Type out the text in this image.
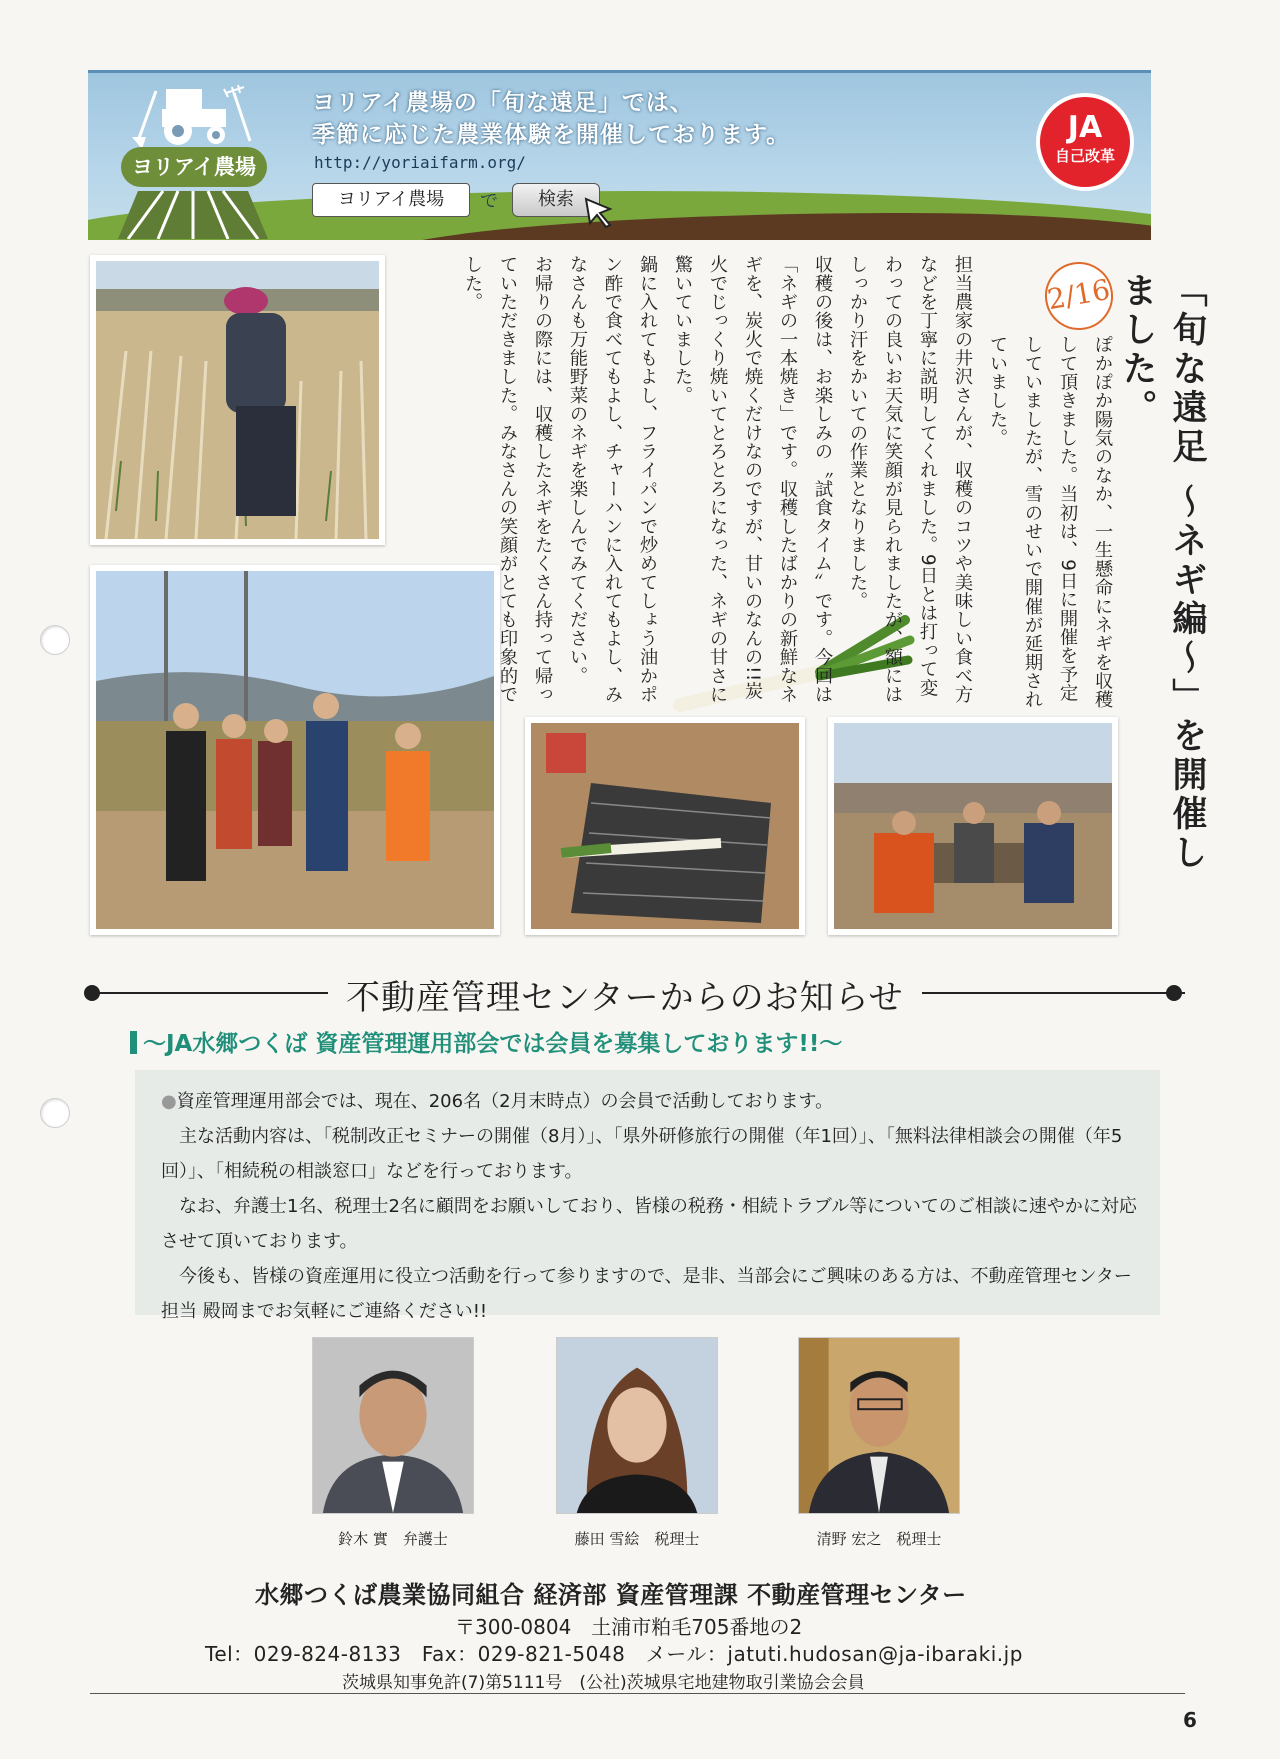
ヨリアイ農場
ヨリアイ農場の「旬な遠足」では、
季節に応じた農業体験を開催しております。
http://yoriaifarm.org/
ヨリアイ農場	で	検索
JA
自己改革
「旬な遠足 ～ネギ編～」を開催しました。
2/16

ぽかぽか陽気のなか、一生懸命にネギを収穫して頂きました。当初は、9日に開催を予定していましたが、雪のせいで開催が延期されていました。

担当農家の井沢さんが、収穫のコツや美味しい食べ方などを丁寧に説明してくれました。9日とは打って変わっての良いお天気に笑顔が見られましたが、額にはしっかり汗をかいての作業となりました。

収穫の後は、お楽しみの〝試食タイム〟です。今回は「ネギの一本焼き」です。収穫したばかりの新鮮なネギを、炭火で焼くだけなのですが、甘いのなんの!!炭火でじっくり焼いてとろとろになった、ネギの甘さに驚いていました。

鍋に入れてもよし、フライパンで炒めてしょう油かポン酢で食べてもよし、チャーハンに入れてもよし、みなさんも万能野菜のネギを楽しんでみてください。

お帰りの際には、収穫したネギをたくさん持って帰っていただきました。みなさんの笑顔がとても印象的でした。

不動産管理センターからのお知らせ
～JA水郷つくば 資産管理運用部会では会員を募集しております!!～

●資産管理運用部会では、現在、206名（2月末時点）の会員で活動しております。

主な活動内容は、「税制改正セミナーの開催（8月）」、「県外研修旅行の開催（年1回）」、「無料法律相談会の開催（年5回）」、「相続税の相談窓口」などを行っております。

なお、弁護士1名、税理士2名に顧問をお願いしており、皆様の税務・相続トラブル等についてのご相談に速やかに対応させて頂いております。

今後も、皆様の資産運用に役立つ活動を行って参りますので、是非、当部会にご興味のある方は、不動産管理センター 担当 殿岡までお気軽にご連絡ください!!

鈴木 實　弁護士	藤田 雪絵　税理士	清野 宏之　税理士
水郷つくば農業協同組合 経済部 資産管理課 不動産管理センター
〒300-0804　土浦市粕毛705番地の2
Tel：029-824-8133　Fax：029-821-5048　メール：jatuti.hudosan@ja-ibaraki.jp
茨城県知事免許(7)第5111号　(公社)茨城県宅地建物取引業協会会員
6
